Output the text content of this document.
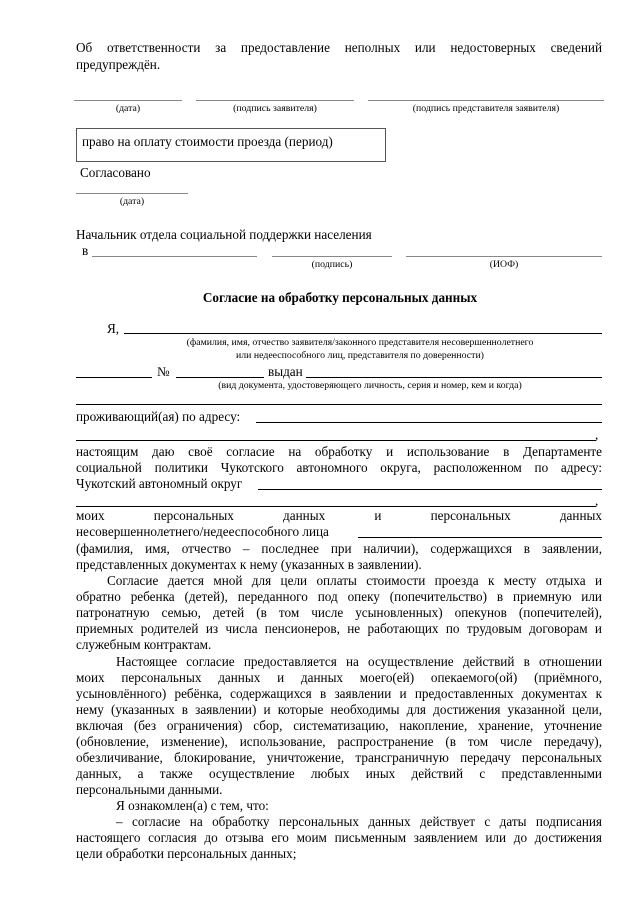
Об ответственности за предоставление неполных или недостоверных сведений
предупреждён.
(дата)	(подпись заявителя)	(подпись представителя заявителя)
право на оплату стоимости проезда (период)
Согласовано
(дата)
Начальник отдела социальной поддержки населения
в
(подпись)	(ИОФ)
Согласие на обработку персональных данных
Я,
(фамилия, имя, отчество заявителя/законного представителя несовершеннолетнего
или недееспособного лиц, представителя по доверенности)
№	выдан
(вид документа, удостоверяющего личность, серия и номер, кем и когда)
проживающий(ая) по адресу:
,
настоящим даю своё согласие на обработку и использование в Департаменте
социальной политики Чукотского автономного округа, расположенном по адресу:
Чукотский автономный округ
,
моих	персональных	данных	и	персональных	данных
несовершеннолетнего/недееспособного лица
(фамилия, имя, отчество – последнее при наличии), содержащихся в заявлении,
представленных документах к нему (указанных в заявлении).
Согласие дается мной для цели оплаты стоимости проезда к месту отдыха и
обратно ребенка (детей), переданного под опеку (попечительство) в приемную или
патронатную семью, детей (в том числе усыновленных) опекунов (попечителей),
приемных родителей из числа пенсионеров, не работающих по трудовым договорам и
служебным контрактам.
Настоящее согласие предоставляется на осуществление действий в отношении
моих персональных данных и данных моего(ей) опекаемого(ой) (приёмного,
усыновлённого) ребёнка, содержащихся в заявлении и предоставленных документах к
нему (указанных в заявлении) и которые необходимы для достижения указанной цели,
включая (без ограничения) сбор, систематизацию, накопление, хранение, уточнение
(обновление, изменение), использование, распространение (в том числе передачу),
обезличивание, блокирование, уничтожение, трансграничную передачу персональных
данных, а также осуществление любых иных действий с представленными
персональными данными.
Я ознакомлен(а) с тем, что:
– согласие на обработку персональных данных действует с даты подписания
настоящего согласия до отзыва его моим письменным заявлением или до достижения
цели обработки персональных данных;
